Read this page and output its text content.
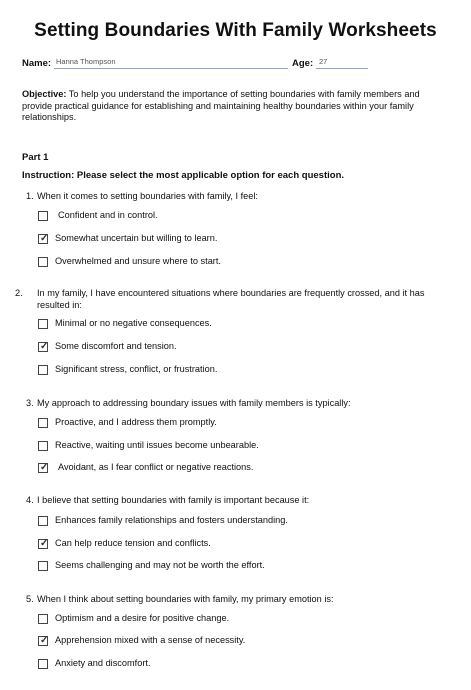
Setting Boundaries With Family Worksheets
Name: Hanna Thompson	Age: 27
Objective: To help you understand the importance of setting boundaries with family members and provide practical guidance for establishing and maintaining healthy boundaries within your family relationships.
Part 1
Instruction: Please select the most applicable option for each question.
1. When it comes to setting boundaries with family, I feel:
Confident and in control.
✓ Somewhat uncertain but willing to learn.
Overwhelmed and unsure where to start.
2. In my family, I have encountered situations where boundaries are frequently crossed, and it has resulted in:
Minimal or no negative consequences.
✓ Some discomfort and tension.
Significant stress, conflict, or frustration.
3. My approach to addressing boundary issues with family members is typically:
Proactive, and I address them promptly.
Reactive, waiting until issues become unbearable.
✓ Avoidant, as I fear conflict or negative reactions.
4. I believe that setting boundaries with family is important because it:
Enhances family relationships and fosters understanding.
✓ Can help reduce tension and conflicts.
Seems challenging and may not be worth the effort.
5. When I think about setting boundaries with family, my primary emotion is:
Optimism and a desire for positive change.
✓ Apprehension mixed with a sense of necessity.
Anxiety and discomfort.
